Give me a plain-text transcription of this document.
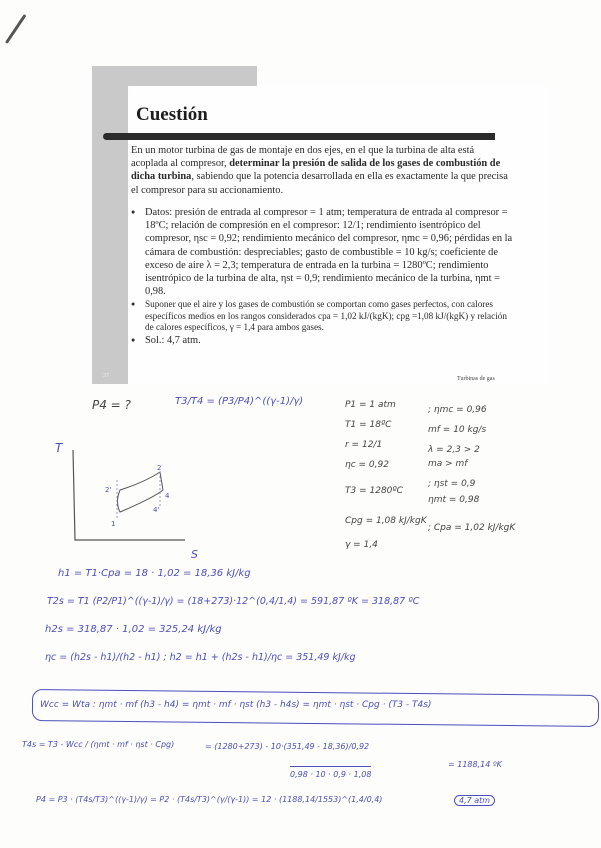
37
Cuestión
En un motor turbina de gas de montaje en dos ejes, en el que la turbina de alta está acoplada al compresor, determinar la presión de salida de los gases de combustión de dicha turbina, sabiendo que la potencia desarrollada en ella es exactamente la que precisa el compresor para su accionamiento.
● Datos: presión de entrada al compresor = 1 atm; temperatura de entrada al compresor = 18ºC; relación de compresión en el compresor: 12/1; rendimiento isentrópico del compresor, ηsc = 0,92; rendimiento mecánico del compresor, ηmc = 0,96; pérdidas en la cámara de combustión: despreciables; gasto de combustible = 10 kg/s; coeficiente de exceso de aire λ = 2,3; temperatura de entrada en la turbina = 1280ºC; rendimiento isentrópico de la turbina de alta, ηst = 0,9; rendimiento mecánico de la turbina, ηmt = 0,98.
● Suponer que el aire y los gases de combustión se comportan como gases perfectos, con calores específicos medios en los rangos considerados cpa = 1,02 kJ/(kgK); cpg =1,08 kJ/(kgK) y relación de calores específicos, γ = 1,4 para ambos gases.
● Sol.: 4,7 atm.
Turbinas de gas
P4 = ?	T3/T4 = (P3/P4)^((γ-1)/γ)	P1 = 1 atm
T1 = 18ºC
r = 12/1
ηc = 0,92
T3 = 1280ºC
Cpg = 1,08 kJ/kgK
γ = 1,4
; ηmc = 0,96
mf = 10 kg/s
λ = 2,3 > 2
ma > mf
; ηst = 0,9
ηmt = 0,98
; Cpa = 1,02 kJ/kgK
T
S
2
2'
4
4'
1
h1 = T1·Cpa = 18 · 1,02 = 18,36 kJ/kg
T2s = T1 (P2/P1)^((γ-1)/γ) = (18+273)·12^(0,4/1,4) = 591,87 ºK = 318,87 ºC
h2s = 318,87 · 1,02 = 325,24 kJ/kg
ηc = (h2s - h1)/(h2 - h1) ; h2 = h1 + (h2s - h1)/ηc = 351,49 kJ/kg
Wcc = Wta : ηmt · mf (h3 - h4) = ηmt · mf · ηst (h3 - h4s) = ηmt · ηst · Cpg · (T3 - T4s)
T4s = T3 - Wcc / (ηmt · mf · ηst · Cpg)	= (1280+273) - 10·(351,49 - 18,36)/0,92
0,98 · 10 · 0,9 · 1,08
= 1188,14 ºK
P4 = P3 · (T4s/T3)^((γ-1)/γ) = P2 · (T4s/T3)^(γ/(γ-1)) = 12 · (1188,14/1553)^(1,4/0,4)	4,7 atm
